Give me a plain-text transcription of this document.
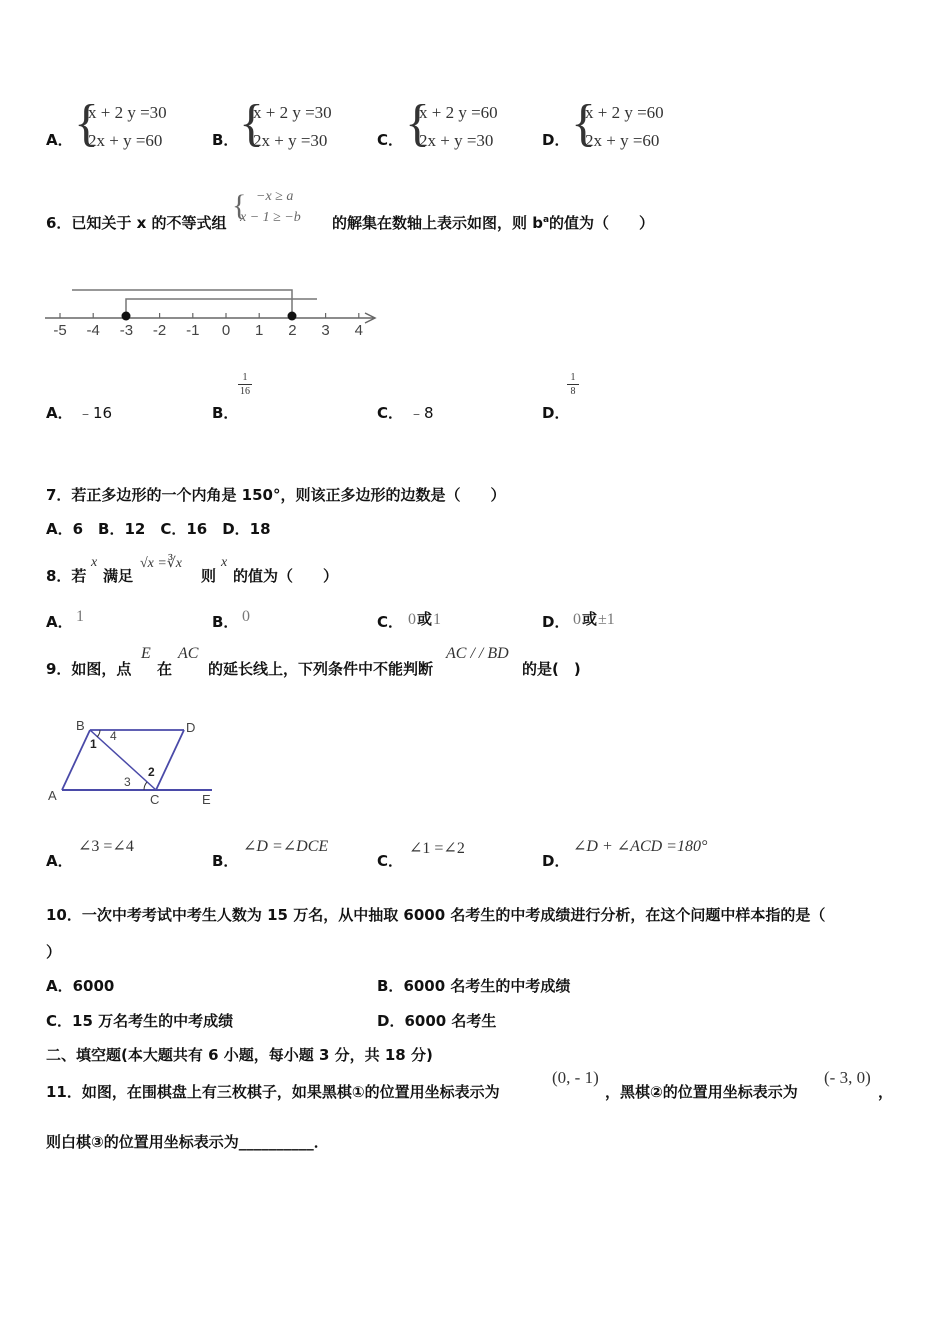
A． {
x + 2 y =30
2x + y =60	B． {
x + 2 y =30
2x + y =30	C． {
x + 2 y =60
2x + y =30	D． {
x + 2 y =60
2x + y =60
6．已知关于 x 的不等式组
{ −x ≥ a
x − 1 ≥ −b 的解集在数轴上表示如图，则 $b^a$的值为（　　）
-5 -4 -3 -2 -1 0 1 2 3 4
A． ﹣16	B．
1
16
C． ﹣8	D．
1
8
7．若正多边形的一个内角是 150°，则该正多边形的边数是（　　）
A．6　B．12　C．16　D．18
8．若
x
满足
√x =∛x
则
x
的值为（　　）
A． 1	B． 0	C． 0或1	D． 0或±1
9．如图，点
E
在
AC
的延长线上，下列条件中不能判断
AC / / BD
的是(　)
B	D
A	C	E
1
4
3
2
A．
∠3 =∠4
B．
∠D =∠DCE
C．
∠1 =∠2
D．
∠D + ∠ACD =180°
10．一次中考考试中考生人数为 15 万名，从中抽取 6000 名考生的中考成绩进行分析，在这个问题中样本指的是（
）
A．6000	B．6000 名考生的中考成绩
C．15 万名考生的中考成绩	D．6000 名考生
二、填空题(本大题共有 6 小题，每小题 3 分，共 18 分)
11．如图，在围棋盘上有三枚棋子，如果黑棋①的位置用坐标表示为
(0, - 1)
，黑棋②的位置用坐标表示为
(- 3, 0)
，
则白棋③的位置用坐标表示为__________．
